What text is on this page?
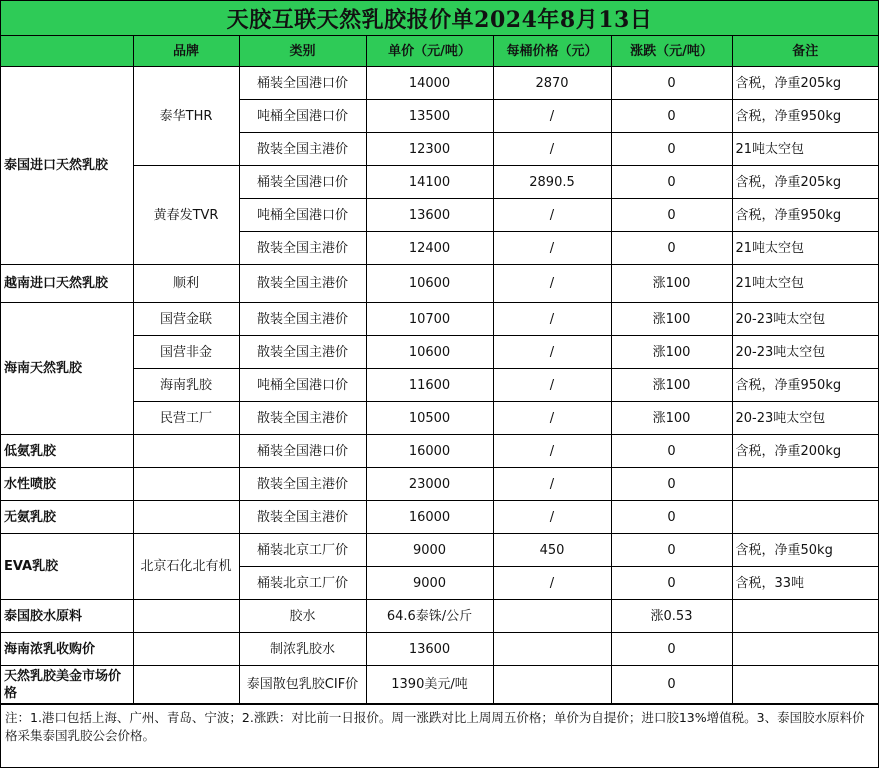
天胶互联天然乳胶报价单2024年8月13日
	品牌	类别	单价（元/吨）	每桶价格（元）	涨跌（元/吨）	备注
泰国进口天然乳胶	泰华THR	桶装全国港口价	14000	2870	0	含税，净重205kg
		吨桶全国港口价	13500	/	0	含税，净重950kg
		散装全国主港价	12300	/	0	21吨太空包
	黄春发TVR	桶装全国港口价	14100	2890.5	0	含税，净重205kg
		吨桶全国港口价	13600	/	0	含税，净重950kg
		散装全国主港价	12400	/	0	21吨太空包
越南进口天然乳胶	顺利	散装全国主港价	10600	/	涨100	21吨太空包
海南天然乳胶	国营金联	散装全国主港价	10700	/	涨100	20-23吨太空包
	国营非金	散装全国主港价	10600	/	涨100	20-23吨太空包
	海南乳胶	吨桶全国港口价	11600	/	涨100	含税，净重950kg
	民营工厂	散装全国主港价	10500	/	涨100	20-23吨太空包
低氨乳胶		桶装全国港口价	16000	/	0	含税，净重200kg
水性喷胶		散装全国主港价	23000	/	0	
无氨乳胶		散装全国主港价	16000	/	0	
EVA乳胶	北京石化北有机	桶装北京工厂价	9000	450	0	含税，净重50kg
		桶装北京工厂价	9000	/	0	含税，33吨
泰国胶水原料		胶水	64.6泰铢/公斤		涨0.53	
海南浓乳收购价		制浓乳胶水	13600		0	
天然乳胶美金市场价格		泰国散包乳胶CIF价	1390美元/吨		0	
注：1.港口包括上海、广州、青岛、宁波；2.涨跌：对比前一日报价。周一涨跌对比上周周五价格；单价为自提价；进口胶13%增值税。3、泰国胶水原料价格采集泰国乳胶公会价格。
